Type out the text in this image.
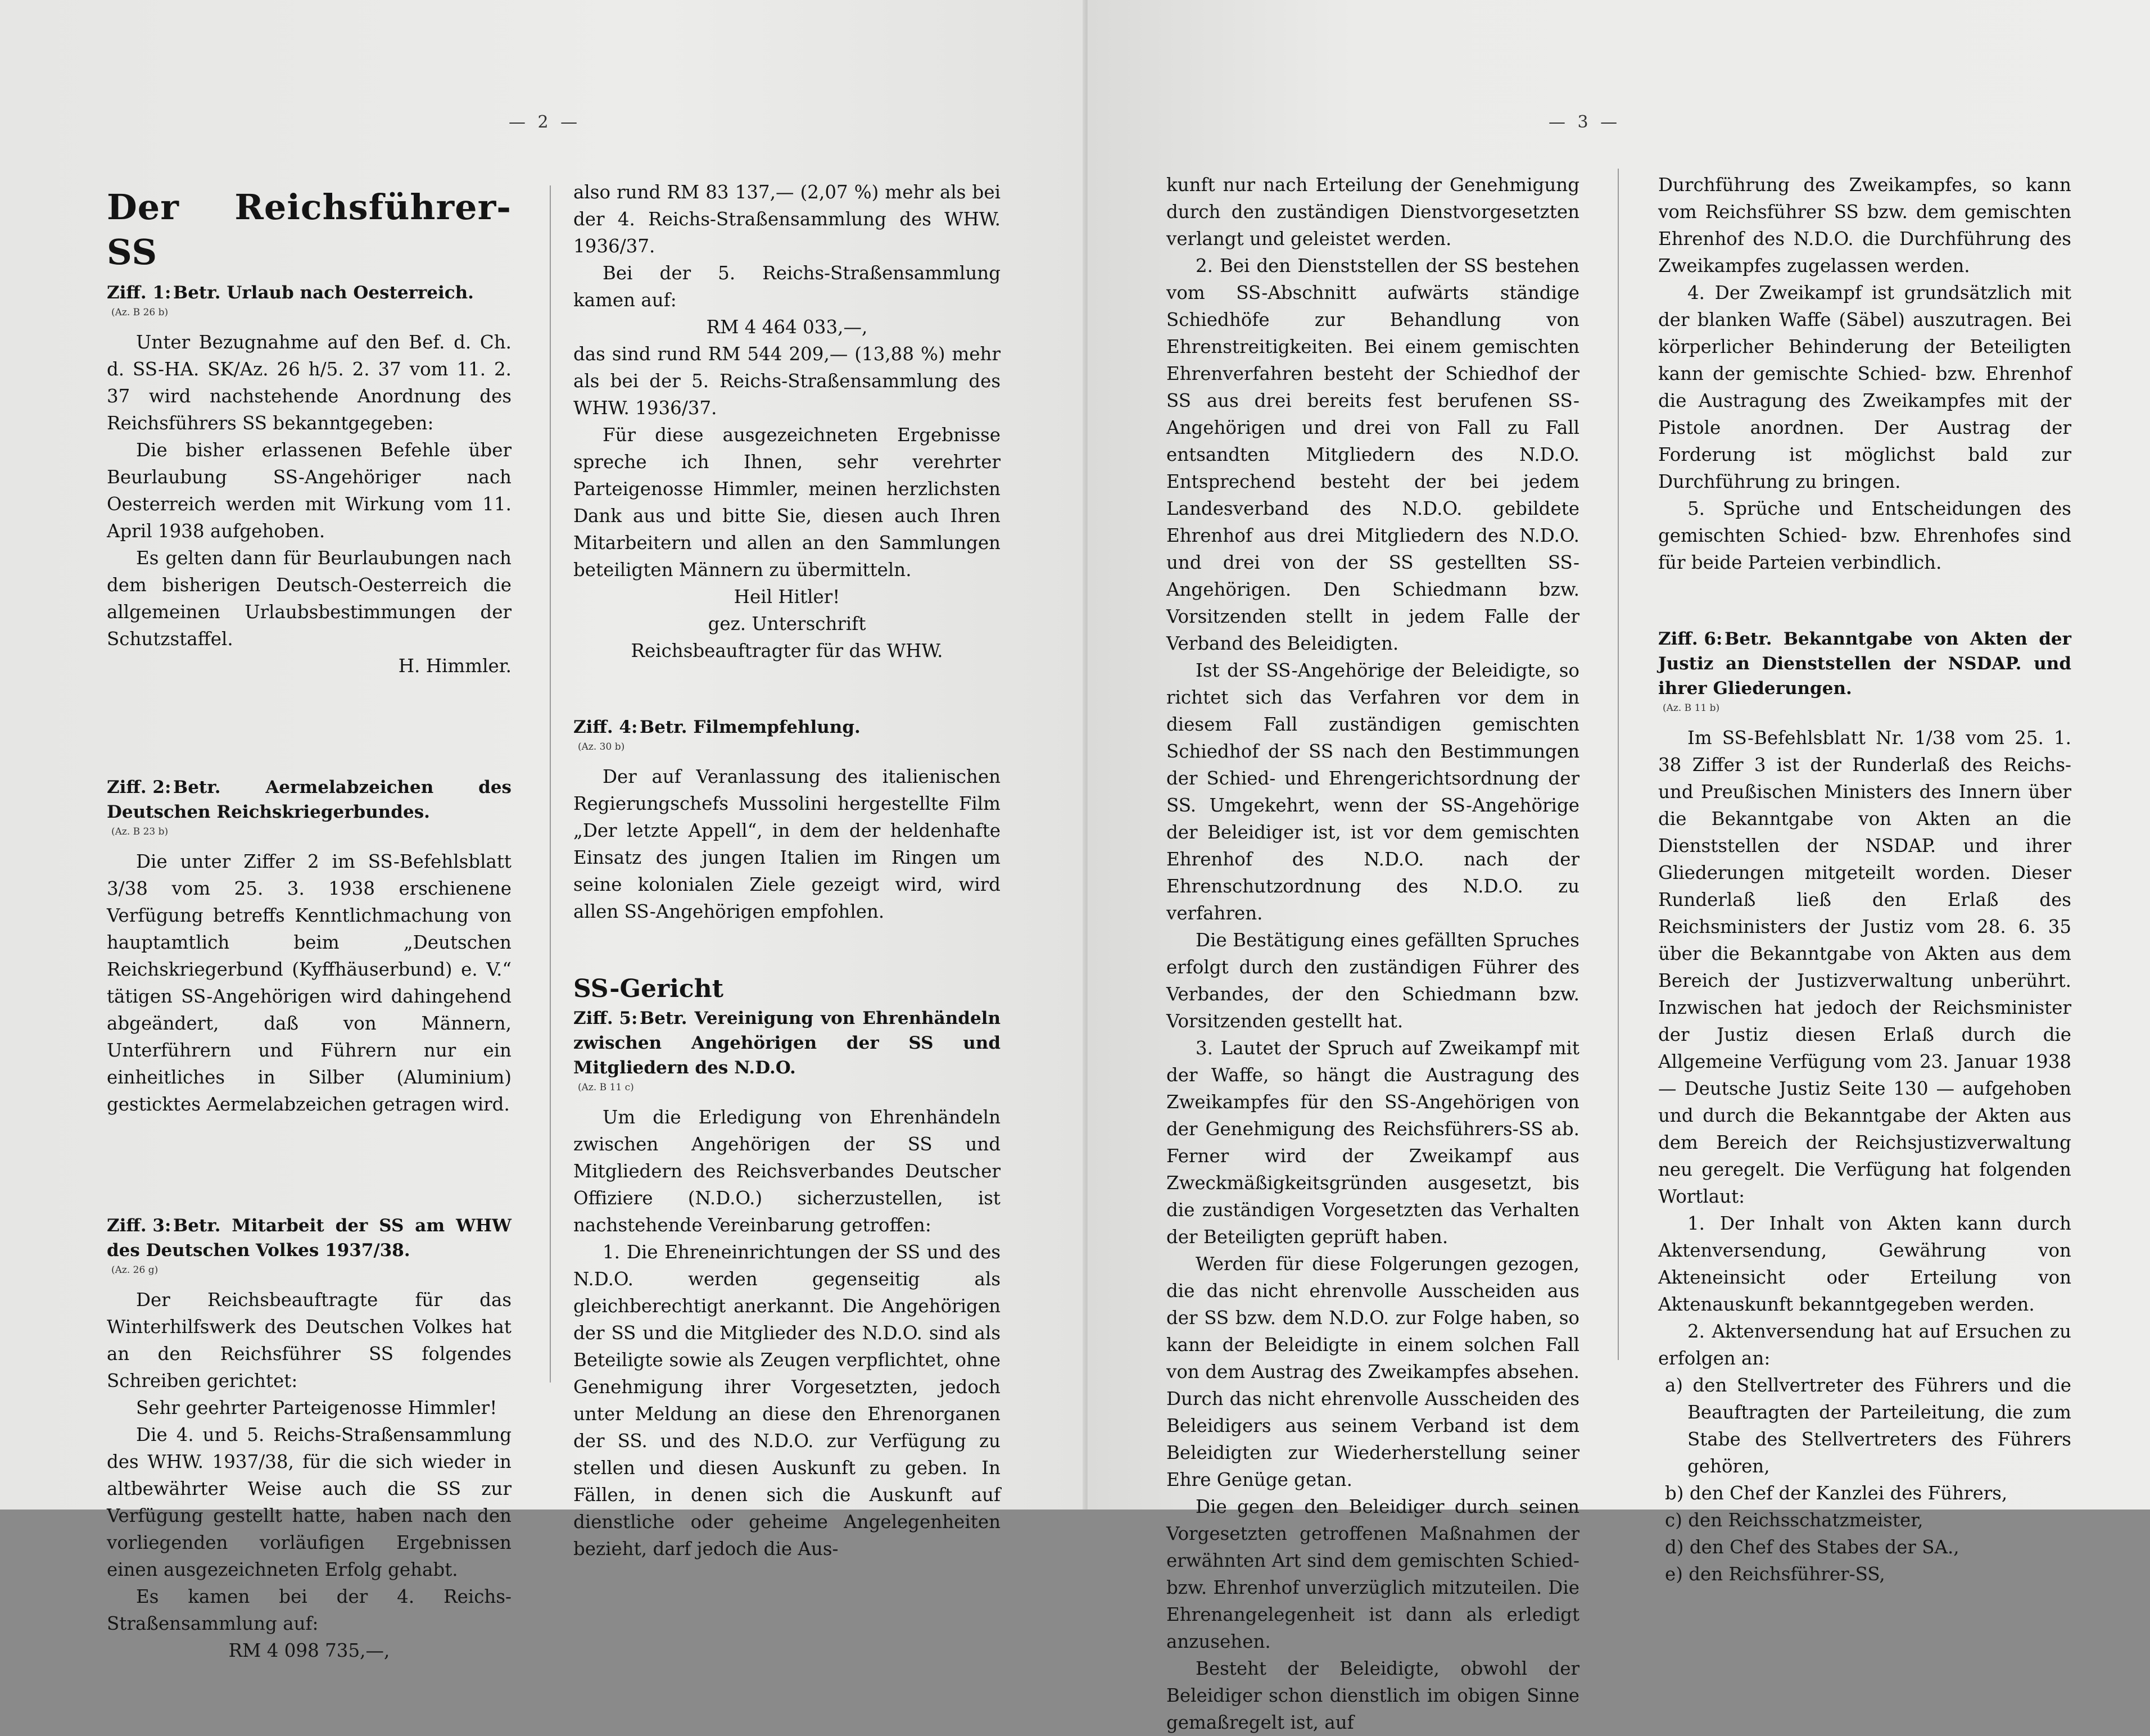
— 2 —
Der Reichsführer-SS
Ziff. 1: Betr. Urlaub nach Oesterreich.
(Az. B 26 b)

Unter Bezugnahme auf den Bef. d. Ch. d. SS-HA. SK/Az. 26 h/5. 2. 37 vom 11. 2. 37 wird nachstehende Anordnung des Reichsführers SS bekanntgegeben:

Die bisher erlassenen Befehle über Beurlaubung SS-Angehöriger nach Oesterreich werden mit Wirkung vom 11. April 1938 aufgehoben.

Es gelten dann für Beurlaubungen nach dem bisherigen Deutsch-Oesterreich die allgemeinen Urlaubsbestimmungen der Schutzstaffel.

H. Himmler.

Ziff. 2: Betr. Aermelabzeichen des Deutschen Reichskriegerbundes.
(Az. B 23 b)

Die unter Ziffer 2 im SS-Befehlsblatt 3/38 vom 25. 3. 1938 erschienene Verfügung betreffs Kenntlichmachung von hauptamtlich beim „Deutschen Reichskriegerbund (Kyffhäuserbund) e. V.“ tätigen SS-Angehörigen wird dahingehend abgeändert, daß von Männern, Unterführern und Führern nur ein einheitliches in Silber (Aluminium) gesticktes Aermelabzeichen getragen wird.

Ziff. 3: Betr. Mitarbeit der SS am WHW des Deutschen Volkes 1937/38.
(Az. 26 g)

Der Reichsbeauftragte für das Winterhilfswerk des Deutschen Volkes hat an den Reichsführer SS folgendes Schreiben gerichtet:

Sehr geehrter Parteigenosse Himmler!

Die 4. und 5. Reichs-Straßensammlung des WHW. 1937/38, für die sich wieder in altbewährter Weise auch die SS zur Verfügung gestellt hatte, haben nach den vorliegenden vorläufigen Ergebnissen einen ausgezeichneten Erfolg gehabt.

Es kamen bei der 4. Reichs-Straßensammlung auf:

RM 4 098 735,—,

also rund RM 83 137,— (2,07 %) mehr als bei der 4. Reichs-Straßensammlung des WHW. 1936/37.

Bei der 5. Reichs-Straßensammlung kamen auf:

RM 4 464 033,—,

das sind rund RM 544 209,— (13,88 %) mehr als bei der 5. Reichs-Straßensammlung des WHW. 1936/37.

Für diese ausgezeichneten Ergebnisse spreche ich Ihnen, sehr verehrter Parteigenosse Himmler, meinen herzlichsten Dank aus und bitte Sie, diesen auch Ihren Mitarbeitern und allen an den Sammlungen beteiligten Männern zu übermitteln.

Heil Hitler!

gez. Unterschrift

Reichsbeauftragter für das WHW.

Ziff. 4: Betr. Filmempfehlung.
(Az. 30 b)

Der auf Veranlassung des italienischen Regierungschefs Mussolini hergestellte Film „Der letzte Appell“, in dem der heldenhafte Einsatz des jungen Italien im Ringen um seine kolonialen Ziele gezeigt wird, wird allen SS-Angehörigen empfohlen.

SS-Gericht
Ziff. 5: Betr. Vereinigung von Ehrenhändeln zwischen Angehörigen der SS und Mitgliedern des N.D.O.
(Az. B 11 c)

Um die Erledigung von Ehrenhändeln zwischen Angehörigen der SS und Mitgliedern des Reichsverbandes Deutscher Offiziere (N.D.O.) sicherzustellen, ist nachstehende Vereinbarung getroffen:

1. Die Ehreneinrichtungen der SS und des N.D.O. werden gegenseitig als gleichberechtigt anerkannt. Die Angehörigen der SS und die Mitglieder des N.D.O. sind als Beteiligte sowie als Zeugen verpflichtet, ohne Genehmigung ihrer Vorgesetzten, jedoch unter Meldung an diese den Ehrenorganen der SS. und des N.D.O. zur Verfügung zu stellen und diesen Auskunft zu geben. In Fällen, in denen sich die Auskunft auf dienstliche oder geheime Angelegenheiten bezieht, darf jedoch die Aus-

— 3 —

kunft nur nach Erteilung der Genehmigung durch den zuständigen Dienstvorgesetzten verlangt und geleistet werden.

2. Bei den Dienststellen der SS bestehen vom SS-Abschnitt aufwärts ständige Schiedhöfe zur Behandlung von Ehrenstreitigkeiten. Bei einem gemischten Ehrenverfahren besteht der Schiedhof der SS aus drei bereits fest berufenen SS-Angehörigen und drei von Fall zu Fall entsandten Mitgliedern des N.D.O. Entsprechend besteht der bei jedem Landesverband des N.D.O. gebildete Ehrenhof aus drei Mitgliedern des N.D.O. und drei von der SS gestellten SS-Angehörigen. Den Schiedmann bzw. Vorsitzenden stellt in jedem Falle der Verband des Beleidigten.

Ist der SS-Angehörige der Beleidigte, so richtet sich das Verfahren vor dem in diesem Fall zuständigen gemischten Schiedhof der SS nach den Bestimmungen der Schied- und Ehrengerichtsordnung der SS. Umgekehrt, wenn der SS-Angehörige der Beleidiger ist, ist vor dem gemischten Ehrenhof des N.D.O. nach der Ehrenschutzordnung des N.D.O. zu verfahren.

Die Bestätigung eines gefällten Spruches erfolgt durch den zuständigen Führer des Verbandes, der den Schiedmann bzw. Vorsitzenden gestellt hat.

3. Lautet der Spruch auf Zweikampf mit der Waffe, so hängt die Austragung des Zweikampfes für den SS-Angehörigen von der Genehmigung des Reichsführers-SS ab. Ferner wird der Zweikampf aus Zweckmäßigkeitsgründen ausgesetzt, bis die zuständigen Vorgesetzten das Verhalten der Beteiligten geprüft haben.

Werden für diese Folgerungen gezogen, die das nicht ehrenvolle Ausscheiden aus der SS bzw. dem N.D.O. zur Folge haben, so kann der Beleidigte in einem solchen Fall von dem Austrag des Zweikampfes absehen. Durch das nicht ehrenvolle Ausscheiden des Beleidigers aus seinem Verband ist dem Beleidigten zur Wiederherstellung seiner Ehre Genüge getan.

Die gegen den Beleidiger durch seinen Vorgesetzten getroffenen Maßnahmen der erwähnten Art sind dem gemischten Schied- bzw. Ehrenhof unverzüglich mitzuteilen. Die Ehrenangelegenheit ist dann als erledigt anzusehen.

Besteht der Beleidigte, obwohl der Beleidiger schon dienstlich im obigen Sinne gemaßregelt ist, auf

Durchführung des Zweikampfes, so kann vom Reichsführer SS bzw. dem gemischten Ehrenhof des N.D.O. die Durchführung des Zweikampfes zugelassen werden.

4. Der Zweikampf ist grundsätzlich mit der blanken Waffe (Säbel) auszutragen. Bei körperlicher Behinderung der Beteiligten kann der gemischte Schied- bzw. Ehrenhof die Austragung des Zweikampfes mit der Pistole anordnen. Der Austrag der Forderung ist möglichst bald zur Durchführung zu bringen.

5. Sprüche und Entscheidungen des gemischten Schied- bzw. Ehrenhofes sind für beide Parteien verbindlich.

Ziff. 6: Betr. Bekanntgabe von Akten der Justiz an Dienststellen der NSDAP. und ihrer Gliederungen.
(Az. B 11 b)

Im SS-Befehlsblatt Nr. 1/38 vom 25. 1. 38 Ziffer 3 ist der Runderlaß des Reichs- und Preußischen Ministers des Innern über die Bekanntgabe von Akten an die Dienststellen der NSDAP. und ihrer Gliederungen mitgeteilt worden. Dieser Runderlaß ließ den Erlaß des Reichsministers der Justiz vom 28. 6. 35 über die Bekanntgabe von Akten aus dem Bereich der Justizverwaltung unberührt. Inzwischen hat jedoch der Reichsminister der Justiz diesen Erlaß durch die Allgemeine Verfügung vom 23. Januar 1938 — Deutsche Justiz Seite 130 — aufgehoben und durch die Bekanntgabe der Akten aus dem Bereich der Reichsjustizverwaltung neu geregelt. Die Verfügung hat folgenden Wortlaut:

1. Der Inhalt von Akten kann durch Aktenversendung, Gewährung von Akteneinsicht oder Erteilung von Aktenauskunft bekanntgegeben werden.

2. Aktenversendung hat auf Ersuchen zu erfolgen an:

a) den Stellvertreter des Führers und die Beauftragten der Parteileitung, die zum Stabe des Stellvertreters des Führers gehören,

b) den Chef der Kanzlei des Führers,

c) den Reichsschatzmeister,

d) den Chef des Stabes der SA.,

e) den Reichsführer-SS,
